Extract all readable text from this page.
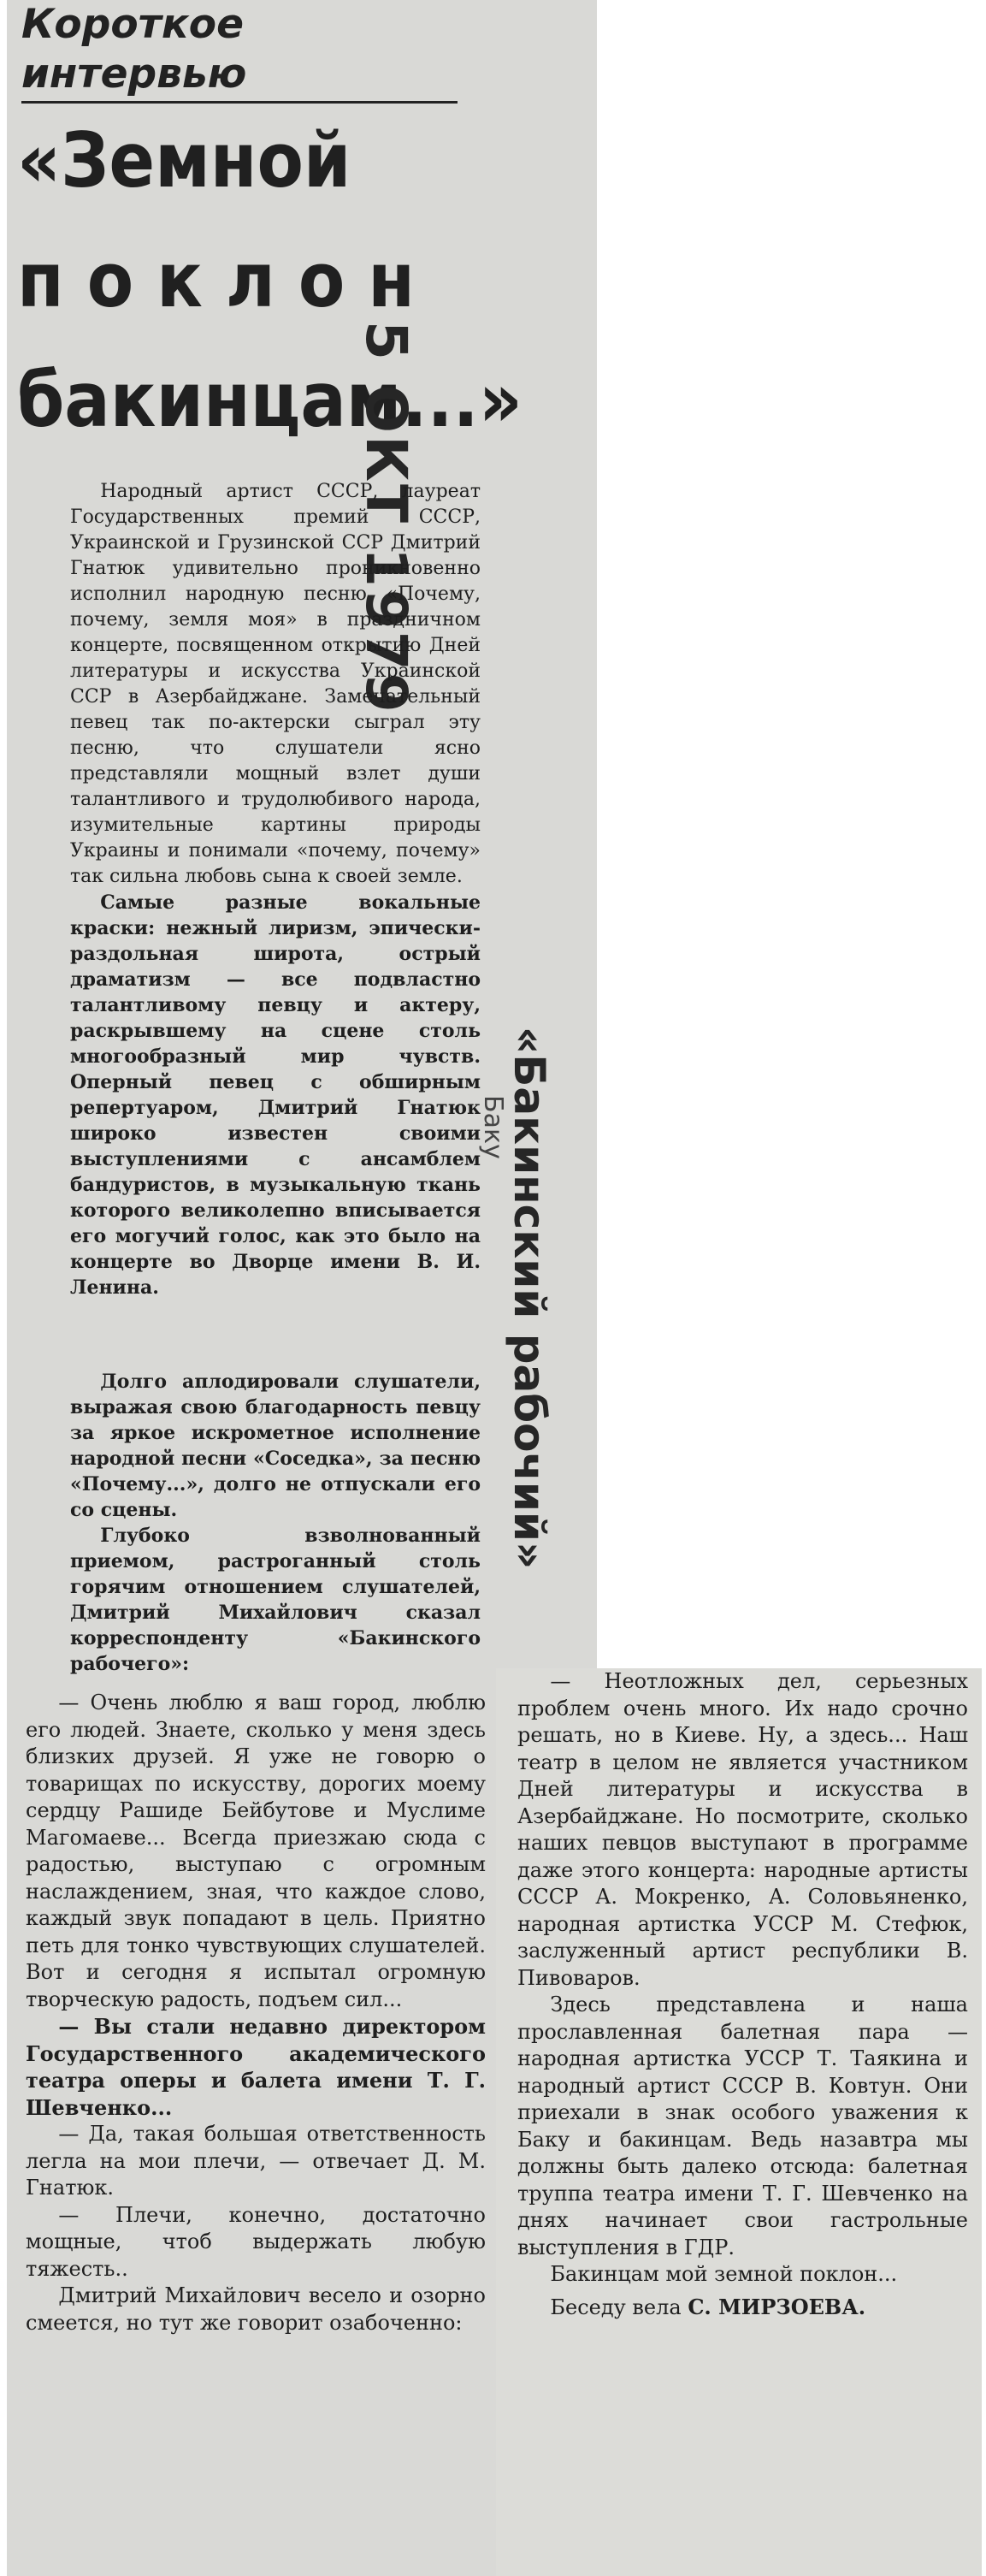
Короткое интервью
«Земной
поклон
бакинцам...»
5 ОКТ 1979
«Бакинский рабочий»
Баку

Народный артист СССР, лауреат Государственных премий СССР, Украинской и Грузинской ССР Дмитрий Гнатюк удивительно проникновенно исполнил народную песню «Почему, почему, земля моя» в праздничном концерте, посвященном открытию Дней литературы и искусства Украинской ССР в Азербайджане. Замечательный певец так по-актерски сыграл эту песню, что слушатели ясно представляли мощный взлет души талантливого и трудолюбивого народа, изумительные картины природы Украины и понимали «почему, почему» так сильна любовь сына к своей земле.

Самые разные вокальные краски: нежный лиризм, эпически-раздольная широта, острый драматизм — все подвластно талантливому певцу и актеру, раскрывшему на сцене столь многообразный мир чувств. Оперный певец с обширным репертуаром, Дмитрий Гнатюк широко известен своими выступлениями с ансамблем бандуристов, в музыкальную ткань которого великолепно вписывается его могучий голос, как это было на концерте во Дворце имени В. И. Ленина.

Долго аплодировали слушатели, выражая свою благодарность певцу за яркое искрометное исполнение народной песни «Соседка», за песню «Почему...», долго не отпускали его со сцены.

Глубоко взволнованный приемом, растроганный столь горячим отношением слушателей, Дмитрий Михайлович сказал корреспонденту «Бакинского рабочего»:

— Очень люблю я ваш город, люблю его людей. Знаете, сколько у меня здесь близких друзей. Я уже не говорю о товарищах по искусству, дорогих моему сердцу Рашиде Бейбутове и Муслиме Магомаеве... Всегда приезжаю сюда с радостью, выступаю с огромным наслаждением, зная, что каждое слово, каждый звук попадают в цель. Приятно петь для тонко чувствующих слушателей. Вот и сегодня я испытал огромную творческую радость, подъем сил...

— Вы стали недавно директором Государственного академического театра оперы и балета имени Т. Г. Шевченко...

— Да, такая большая ответственность легла на мои плечи, — отвечает Д. М. Гнатюк.

— Плечи, конечно, достаточно мощные, чтоб выдержать любую тяжесть..

Дмитрий Михайлович весело и озорно смеется, но тут же говорит озабоченно:

— Неотложных дел, серьезных проблем очень много. Их надо срочно решать, но в Киеве. Ну, а здесь... Наш театр в целом не является участником Дней литературы и искусства в Азербайджане. Но посмотрите, сколько наших певцов выступают в программе даже этого концерта: народные артисты СССР А. Мокренко, А. Соловьяненко, народная артистка УССР М. Стефюк, заслуженный артист республики В. Пивоваров.

Здесь представлена и наша прославленная балетная пара — народная артистка УССР Т. Таякина и народный артист СССР В. Ковтун. Они приехали в знак особого уважения к Баку и бакинцам. Ведь назавтра мы должны быть далеко отсюда: балетная труппа театра имени Т. Г. Шевченко на днях начинает свои гастрольные выступления в ГДР.

Бакинцам мой земной поклон...

Беседу вела С. МИРЗОЕВА.
